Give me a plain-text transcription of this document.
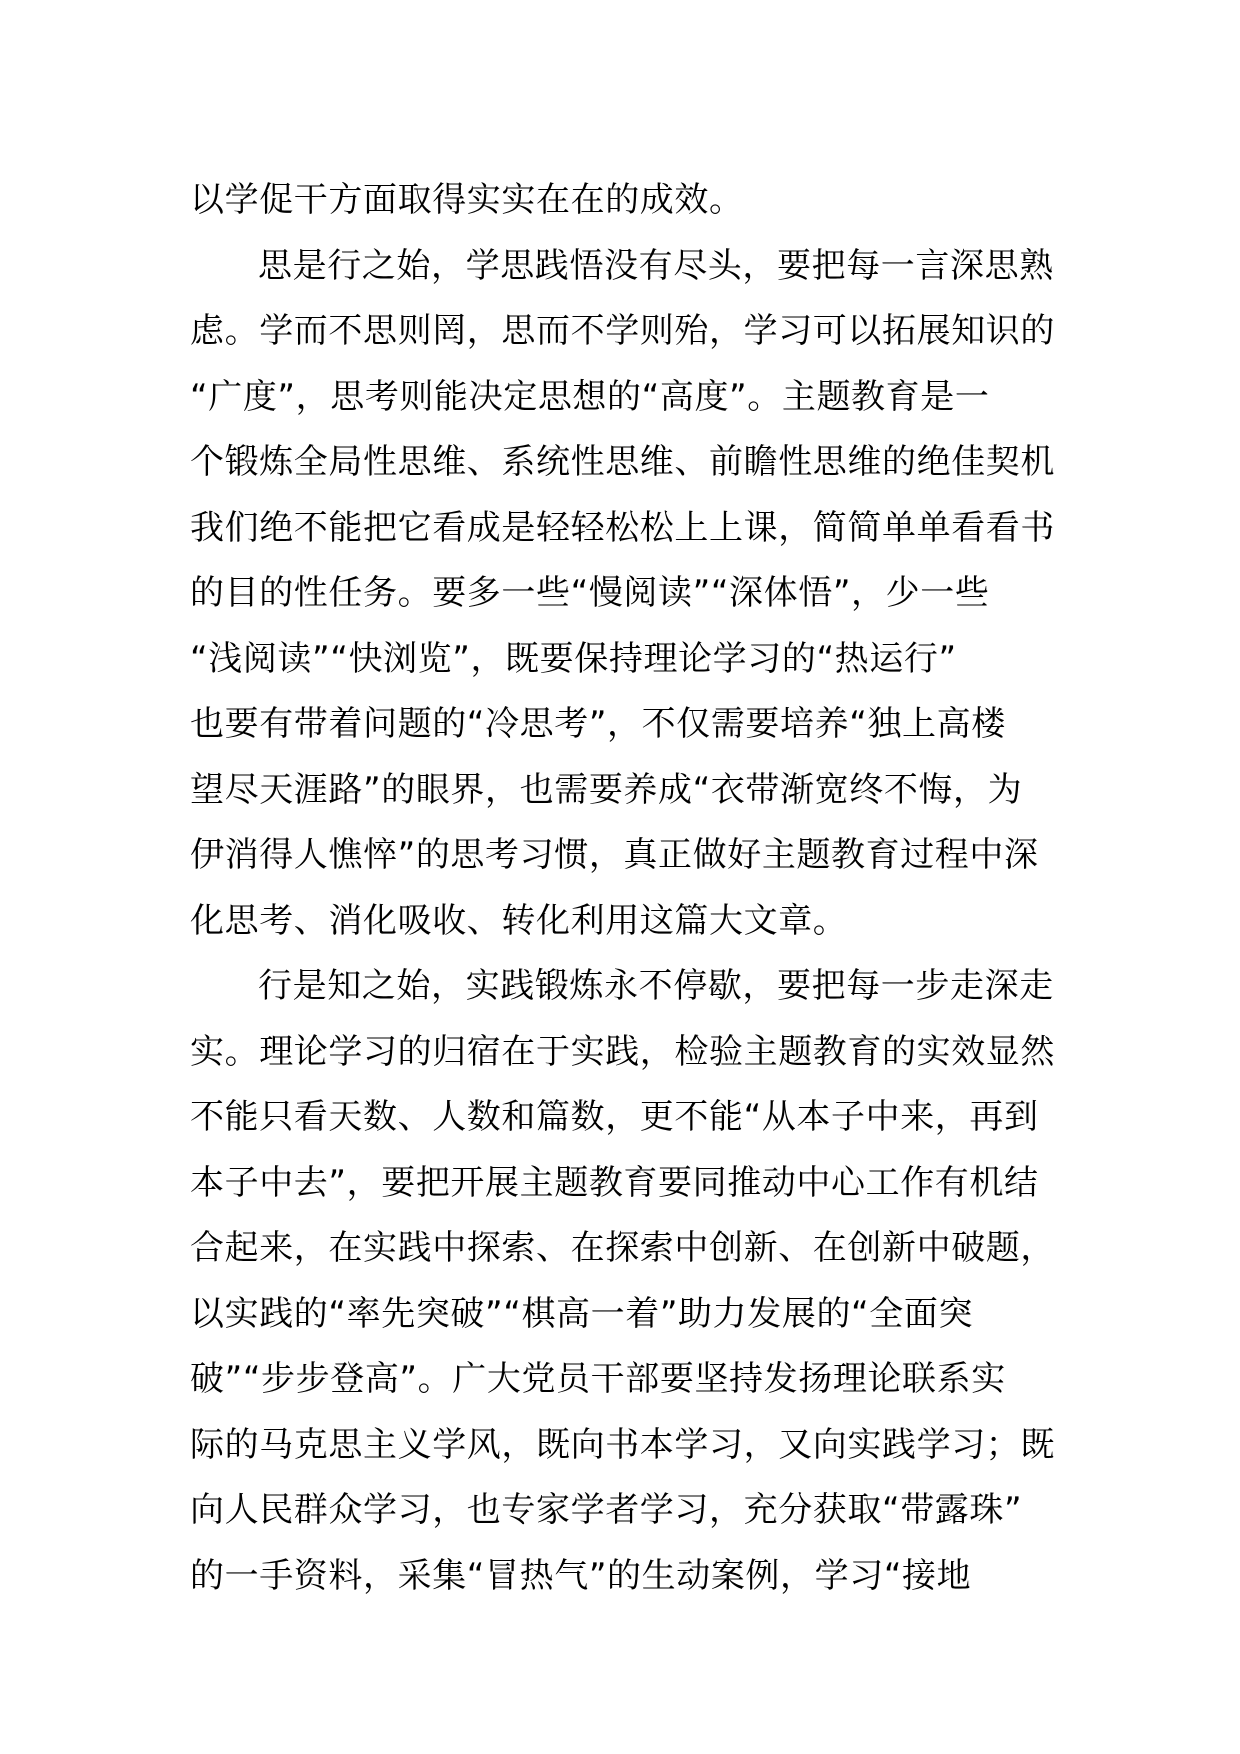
以学促干方面取得实实在在的成效。
思是行之始，学思践悟没有尽头，要把每一言深思熟
虑。学而不思则罔，思而不学则殆，学习可以拓展知识的
“广度”，思考则能决定思想的“高度”。主题教育是一
个锻炼全局性思维、系统性思维、前瞻性思维的绝佳契机
我们绝不能把它看成是轻轻松松上上课，简简单单看看书
的目的性任务。要多一些“慢阅读”“深体悟”，少一些
“浅阅读”“快浏览”，既要保持理论学习的“热运行”
也要有带着问题的“冷思考”，不仅需要培养“独上高楼
望尽天涯路”的眼界，也需要养成“衣带渐宽终不悔，为
伊消得人憔悴”的思考习惯，真正做好主题教育过程中深
化思考、消化吸收、转化利用这篇大文章。
行是知之始，实践锻炼永不停歇，要把每一步走深走
实。理论学习的归宿在于实践，检验主题教育的实效显然
不能只看天数、人数和篇数，更不能“从本子中来，再到
本子中去”，要把开展主题教育要同推动中心工作有机结
合起来，在实践中探索、在探索中创新、在创新中破题，
以实践的“率先突破”“棋高一着”助力发展的“全面突
破”“步步登高”。广大党员干部要坚持发扬理论联系实
际的马克思主义学风，既向书本学习，又向实践学习；既
向人民群众学习，也专家学者学习，充分获取“带露珠”
的一手资料，采集“冒热气”的生动案例，学习“接地
